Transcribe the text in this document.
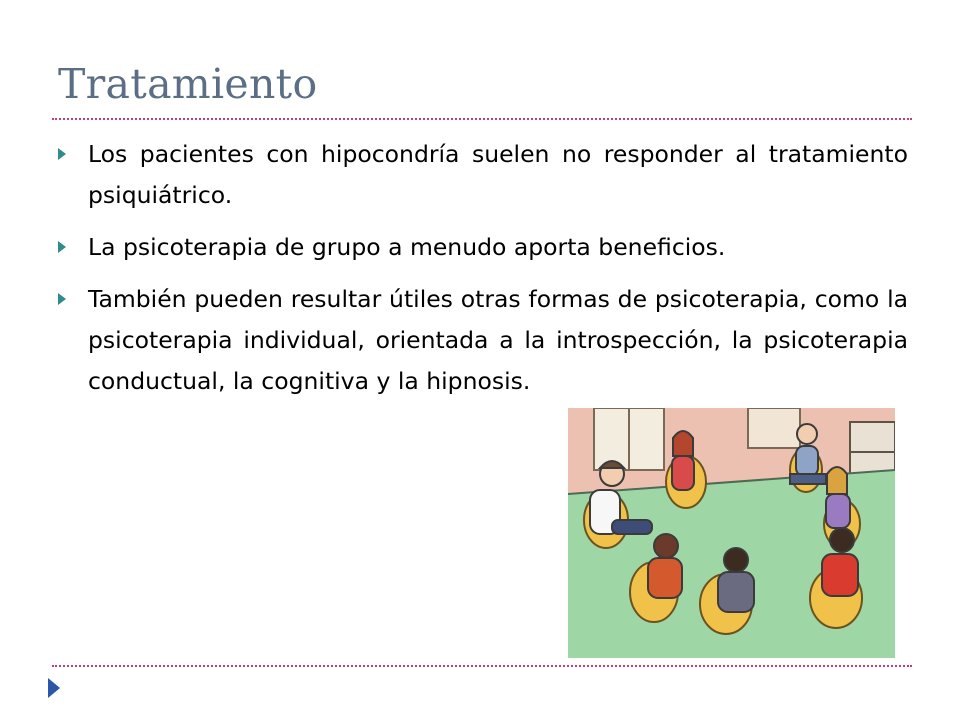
Tratamiento
Los pacientes con hipocondría suelen no responder al tratamiento psiquiátrico.
La psicoterapia de grupo a menudo aporta beneficios.
También pueden resultar útiles otras formas de psicoterapia, como la psicoterapia individual, orientada a la introspección, la psicoterapia conductual, la cognitiva y la hipnosis.
